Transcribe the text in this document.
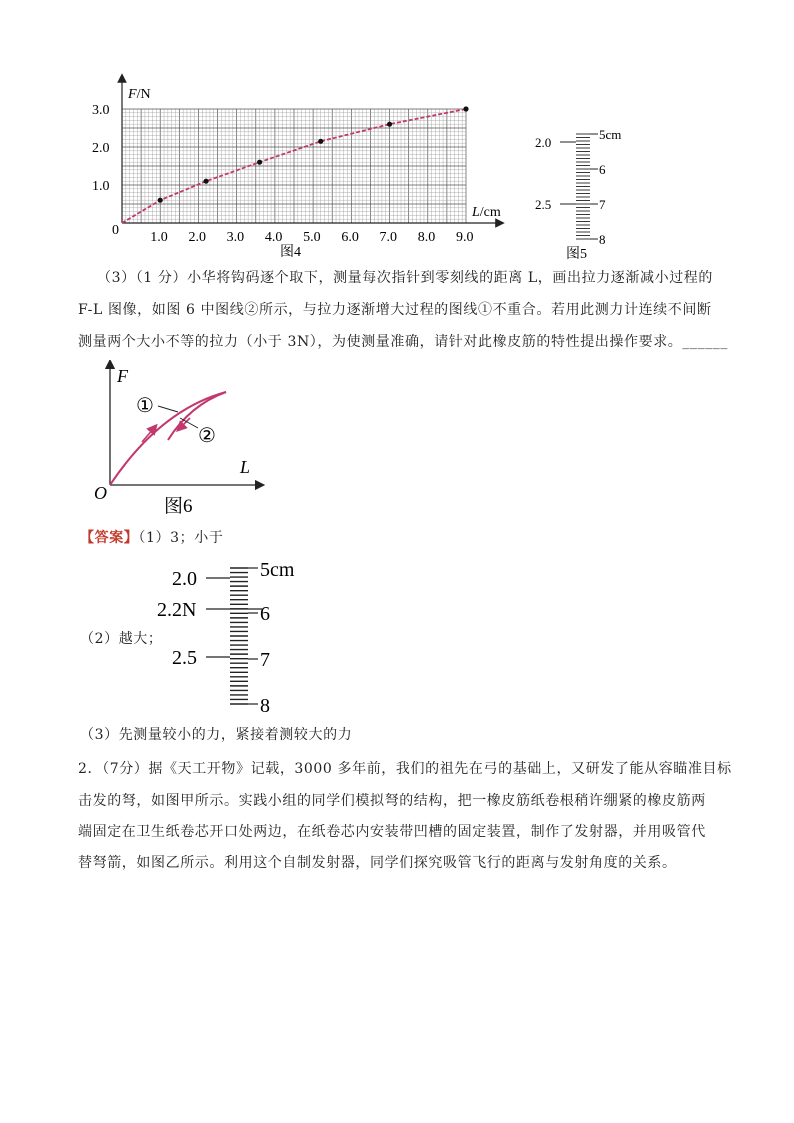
3.0
2.0
1.0
1.0 2.0 3.0 4.0 5.0 6.0 7.0 8.0 9.0
0
F/N
L/cm
图4
2.0
2.5
5cm
6
7
8
图5
（3）（1 分）小华将钩码逐个取下，测量每次指针到零刻线的距离 L，画出拉力逐渐减小过程的
F-L 图像，如图 6 中图线②所示，与拉力逐渐增大过程的图线①不重合。若用此测力计连续不间断
测量两个大小不等的拉力（小于 3N），为使测量准确，请针对此橡皮筋的特性提出操作要求。______
F
L
O
①
②
图6
【答案】（1）3；小于
2.0
2.2N
2.5
5cm
6
7
8
（2）越大；
（3）先测量较小的力，紧接着测较大的力
2．（7分）据《天工开物》记载，3000 多年前，我们的祖先在弓的基础上，又研发了能从容瞄准目标
击发的弩，如图甲所示。实践小组的同学们模拟弩的结构，把一橡皮筋纸卷根稍许绷紧的橡皮筋两
端固定在卫生纸卷芯开口处两边，在纸卷芯内安装带凹槽的固定装置，制作了发射器，并用吸管代
替弩箭，如图乙所示。利用这个自制发射器，同学们探究吸管飞行的距离与发射角度的关系。
